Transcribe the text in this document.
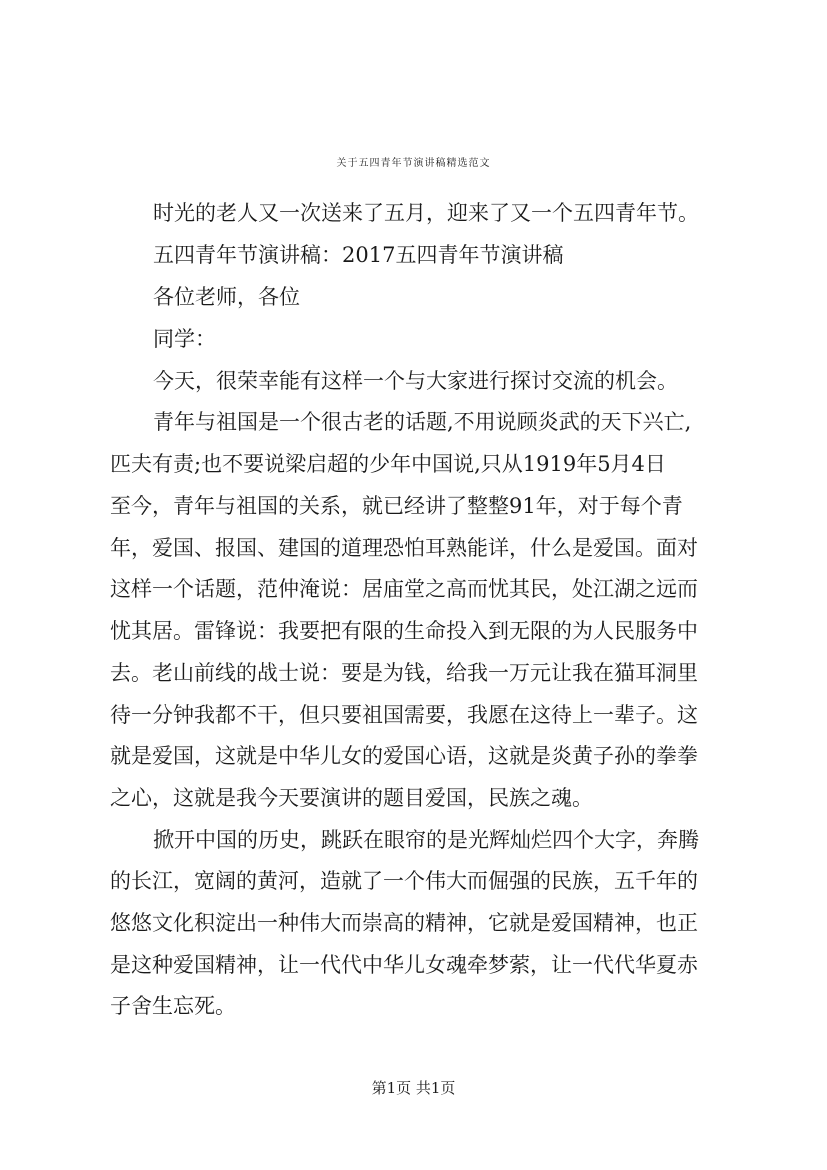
关于五四青年节演讲稿精选范文
时光的老人又一次送来了五月，迎来了又一个五四青年节。
五四青年节演讲稿：2017五四青年节演讲稿
各位老师，各位
同学：
今天，很荣幸能有这样一个与大家进行探讨交流的机会。
青年与祖国是一个很古老的话题,不用说顾炎武的天下兴亡,
匹夫有责;也不要说梁启超的少年中国说,只从1919年5月4日
至今，青年与祖国的关系，就已经讲了整整91年，对于每个青
年，爱国、报国、建国的道理恐怕耳熟能详，什么是爱国。面对
这样一个话题，范仲淹说：居庙堂之高而忧其民，处江湖之远而
忧其居。雷锋说：我要把有限的生命投入到无限的为人民服务中
去。老山前线的战士说：要是为钱，给我一万元让我在猫耳洞里
待一分钟我都不干，但只要祖国需要，我愿在这待上一辈子。这
就是爱国，这就是中华儿女的爱国心语，这就是炎黄子孙的拳拳
之心，这就是我今天要演讲的题目爱国，民族之魂。
掀开中国的历史，跳跃在眼帘的是光辉灿烂四个大字，奔腾
的长江，宽阔的黄河，造就了一个伟大而倔强的民族，五千年的
悠悠文化积淀出一种伟大而崇高的精神，它就是爱国精神，也正
是这种爱国精神，让一代代中华儿女魂牵梦萦，让一代代华夏赤
子舍生忘死。
第1页 共1页
